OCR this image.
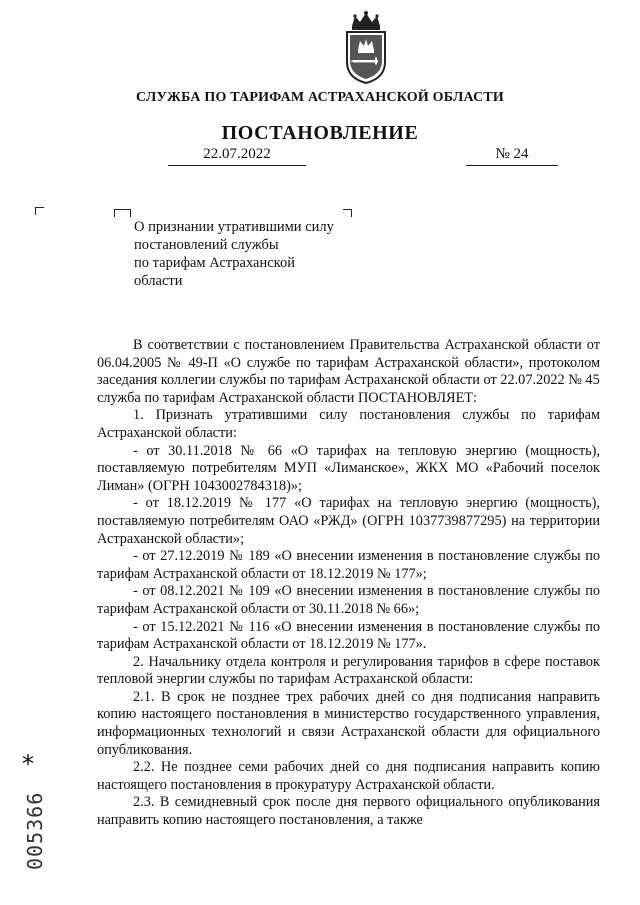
СЛУЖБА ПО ТАРИФАМ АСТРАХАНСКОЙ ОБЛАСТИ
ПОСТАНОВЛЕНИЕ
22.07.2022	№ 24
О признании утратившими силу
постановлений службы
по тарифам Астраханской
области

В соответствии с постановлением Правительства Астраханской области от 06.04.2005 № 49-П «О службе по тарифам Астраханской области», протоколом заседания коллегии службы по тарифам Астраханской области от 22.07.2022 № 45

служба по тарифам Астраханской области ПОСТАНОВЛЯЕТ:

1. Признать утратившими силу постановления службы по тарифам Астраханской области:

- от 30.11.2018 № 66 «О тарифах на тепловую энергию (мощность), поставляемую потребителям МУП «Лиманское», ЖКХ МО «Рабочий поселок Лиман» (ОГРН 1043002784318)»;

- от 18.12.2019 № 177 «О тарифах на тепловую энергию (мощность), поставляемую потребителям ОАО «РЖД» (ОГРН 1037739877295) на территории Астраханской области»;

- от 27.12.2019 № 189 «О внесении изменения в постановление службы по тарифам Астраханской области от 18.12.2019 № 177»;

- от 08.12.2021 № 109 «О внесении изменения в постановление службы по тарифам Астраханской области от 30.11.2018 № 66»;

- от 15.12.2021 № 116 «О внесении изменения в постановление службы по тарифам Астраханской области от 18.12.2019 № 177».

2. Начальнику отдела контроля и регулирования тарифов в сфере поставок тепловой энергии службы по тарифам Астраханской области:

2.1. В срок не позднее трех рабочих дней со дня подписания направить копию настоящего постановления в министерство государственного управления, информационных технологий и связи Астраханской области для официального опубликования.

2.2. Не позднее семи рабочих дней со дня подписания направить копию настоящего постановления в прокуратуру Астраханской области.

2.3. В семидневный срок после дня первого официального опубликования направить копию настоящего постановления, а также

*
005366
